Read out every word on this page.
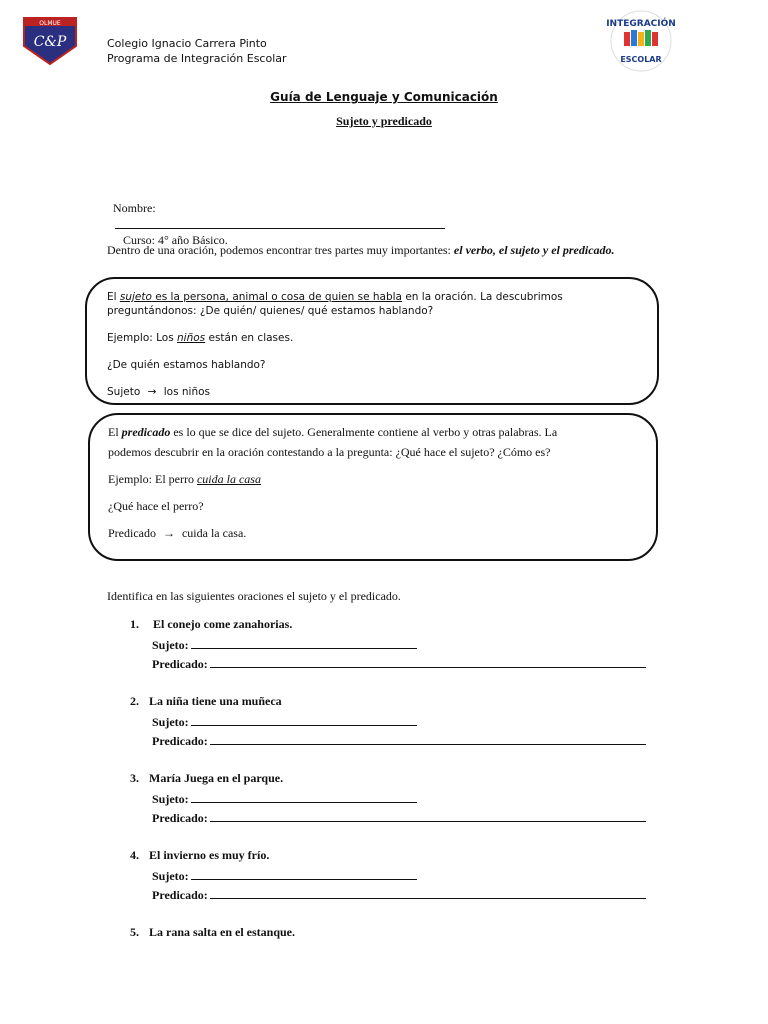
OLMUE
C&P	Colegio Ignacio Carrera Pinto
Programa de Integración Escolar
INTEGRACIÓN
ESCOLAR
Guía de Lenguaje y Comunicación
Sujeto y predicado

Nombre:

Curso: 4° año Básico.

Dentro de una oración, podemos encontrar tres partes muy importantes: el verbo, el sujeto y el predicado.
El sujeto es la persona, animal o cosa de quien se habla en la oración. La descubrimos
preguntándonos: ¿De quién/ quienes/ qué estamos hablando?
Ejemplo: Los niños están en clases.
¿De quién estamos hablando?
Sujeto → los niños
El predicado es lo que se dice del sujeto. Generalmente contiene al verbo y otras palabras. La
podemos descubrir en la oración contestando a la pregunta: ¿Qué hace el sujeto? ¿Cómo es?
Ejemplo: El perro cuida la casa
¿Qué hace el perro?
Predicado → cuida la casa.
Identifica en las siguientes oraciones el sujeto y el predicado.
1. El conejo come zanahorias.
Sujeto:
Predicado:
2. La niña tiene una muñeca
Sujeto:
Predicado:
3. María Juega en el parque.
Sujeto:
Predicado:
4. El invierno es muy frío.
Sujeto:
Predicado:
5. La rana salta en el estanque.
